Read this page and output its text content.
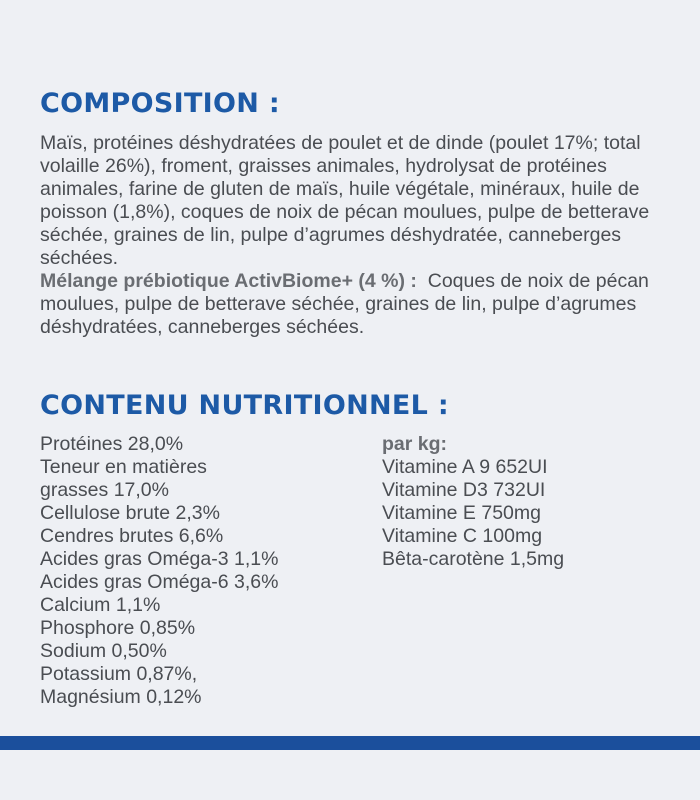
COMPOSITION :

Maïs, protéines déshydratées de poulet et de dinde (poulet 17%; total volaille 26%), froment, graisses animales, hydrolysat de protéines animales, farine de gluten de maïs, huile végétale, minéraux, huile de poisson (1,8%), coques de noix de pécan moulues, pulpe de betterave séchée, graines de lin, pulpe d’agrumes déshydratée, canneberges séchées.

Mélange prébiotique ActivBiome+ (4 %) : Coques de noix de pécan moulues, pulpe de betterave séchée, graines de lin, pulpe d’agrumes déshydratées, canneberges séchées.

CONTENU NUTRITIONNEL :
Protéines 28,0%
Teneur en matières
grasses 17,0%
Cellulose brute 2,3%
Cendres brutes 6,6%
Acides gras Oméga-3 1,1%
Acides gras Oméga-6 3,6%
Calcium 1,1%
Phosphore 0,85%
Sodium 0,50%
Potassium 0,87%,
Magnésium 0,12%
par kg:
Vitamine A 9 652UI
Vitamine D3 732UI
Vitamine E 750mg
Vitamine C 100mg
Bêta-carotène 1,5mg
